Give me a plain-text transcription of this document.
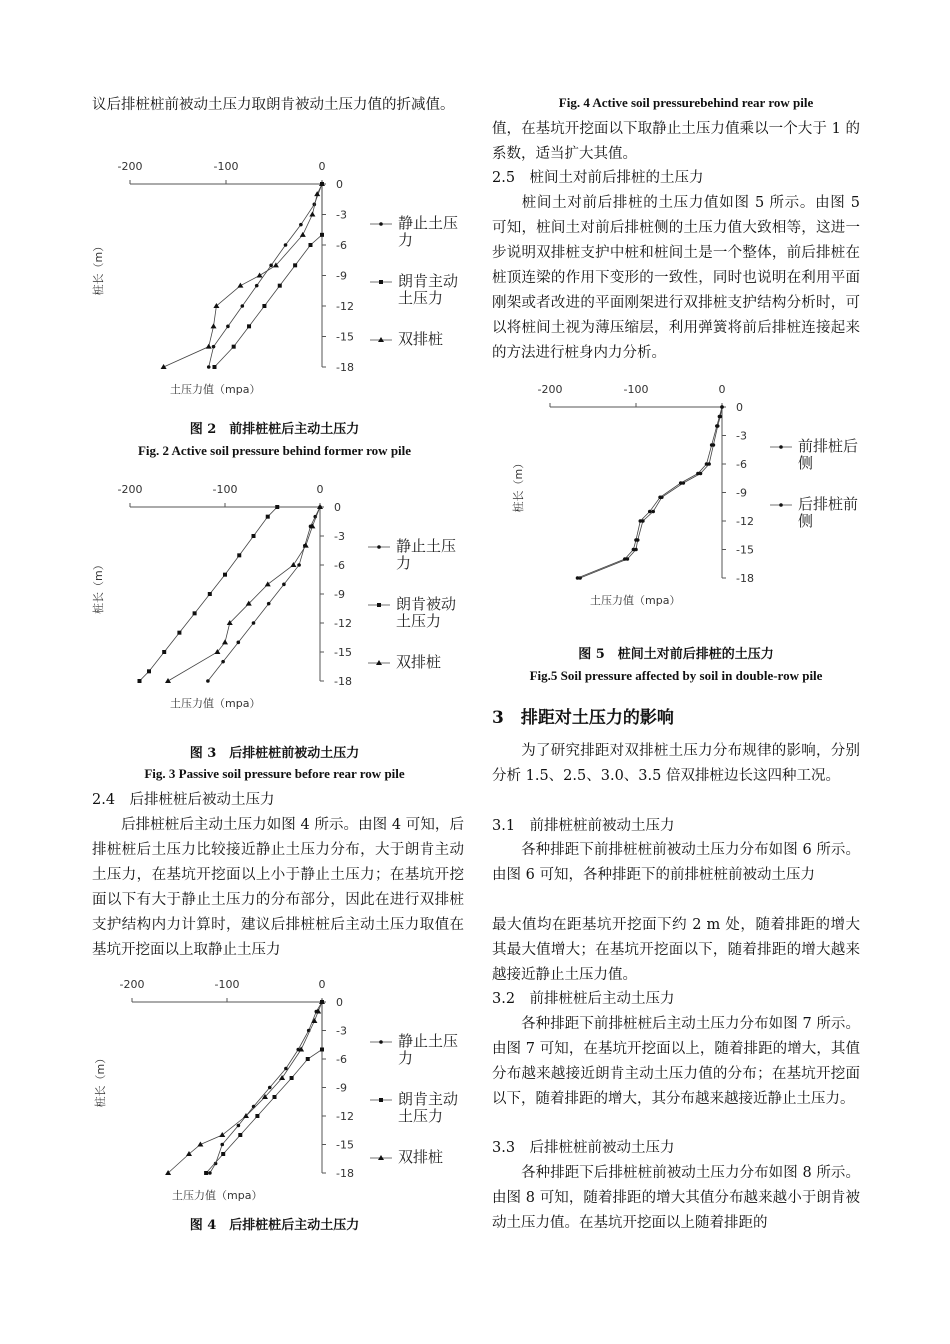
议后排桩桩前被动土压力取朗肯被动土压力值的折减值。
-200	-100	0
0
-3
-6
-9
-12
-15
-18
土压力值（mpa）
桩长（m）
静止土压力
朗肯主动土压力
双排桩
图 2　前排桩桩后主动土压力
Fig. 2 Active soil pressure behind former row pile
-200	-100	0
0
-3
-6
-9
-12
-15
-18
土压力值（mpa）
桩长（m）
静止土压力
朗肯被动土压力
双排桩
图 3　后排桩桩前被动土压力
Fig. 3 Passive soil pressure before rear row pile
2.4　后排桩桩后被动土压力
后排桩桩后主动土压力如图 4 所示。由图 4 可知，后排桩桩后土压力比较接近静止土压力分布，大于朗肯主动土压力，在基坑开挖面以上小于静止土压力；在基坑开挖面以下有大于静止土压力的分布部分，因此在进行双排桩支护结构内力计算时，建议后排桩桩后主动土压力取值在基坑开挖面以上取静止土压力
-200	-100	0
0
-3
-6
-9
-12
-15
-18
土压力值（mpa）
桩长（m）
静止土压力
朗肯主动土压力
双排桩
图 4　后排桩桩后主动土压力
Fig. 4 Active soil pressurebehind rear row pile
值，在基坑开挖面以下取静止土压力值乘以一个大于 1 的系数，适当扩大其值。
2.5　桩间土对前后排桩的土压力
桩间土对前后排桩的土压力值如图 5 所示。由图 5 可知，桩间土对前后排桩侧的土压力值大致相等，这进一步说明双排桩支护中桩和桩间土是一个整体，前后排桩在桩顶连梁的作用下变形的一致性，同时也说明在利用平面刚架或者改进的平面刚架进行双排桩支护结构分析时，可以将桩间土视为薄压缩层，利用弹簧将前后排桩连接起来的方法进行桩身内力分析。
-200	-100	0
0
-3
-6
-9
-12
-15
-18
土压力值（mpa）
桩长（m）
前排桩后侧
后排桩前侧
图 5　桩间土对前后排桩的土压力
Fig.5 Soil pressure affected by soil in double-row pile
3　排距对土压力的影响
为了研究排距对双排桩土压力分布规律的影响，分别分析 1.5、2.5、3.0、3.5 倍双排桩边长这四种工况。
3.1　前排桩桩前被动土压力
各种排距下前排桩桩前被动土压力分布如图 6 所示。由图 6 可知，各种排距下的前排桩桩前被动土压力
最大值均在距基坑开挖面下约 2 m 处，随着排距的增大其最大值增大；在基坑开挖面以下，随着排距的增大越来越接近静止土压力值。
3.2　前排桩桩后主动土压力
各种排距下前排桩桩后主动土压力分布如图 7 所示。由图 7 可知，在基坑开挖面以上，随着排距的增大，其值分布越来越接近朗肯主动土压力值的分布；在基坑开挖面以下，随着排距的增大，其分布越来越接近静止土压力。
3.3　后排桩桩前被动土压力
各种排距下后排桩桩前被动土压力分布如图 8 所示。由图 8 可知，随着排距的增大其值分布越来越小于朗肯被动土压力值。在基坑开挖面以上随着排距的
